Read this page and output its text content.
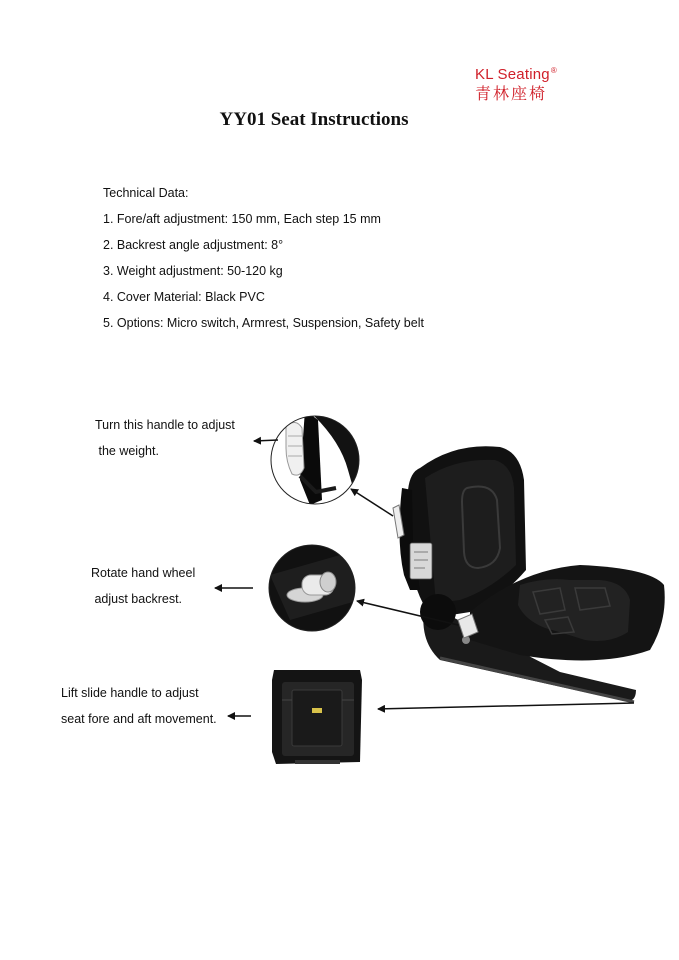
KL Seating®
青林座椅
YY01 Seat Instructions
Technical Data:
1. Fore/aft adjustment: 150 mm, Each step 15 mm
2. Backrest angle adjustment: 8°
3. Weight adjustment: 50-120 kg
4. Cover Material: Black PVC
5. Options: Micro switch, Armrest, Suspension, Safety belt
Turn this handle to adjust
the weight.
Rotate hand wheel
adjust backrest.
Lift slide handle to adjust
seat fore and aft movement.
